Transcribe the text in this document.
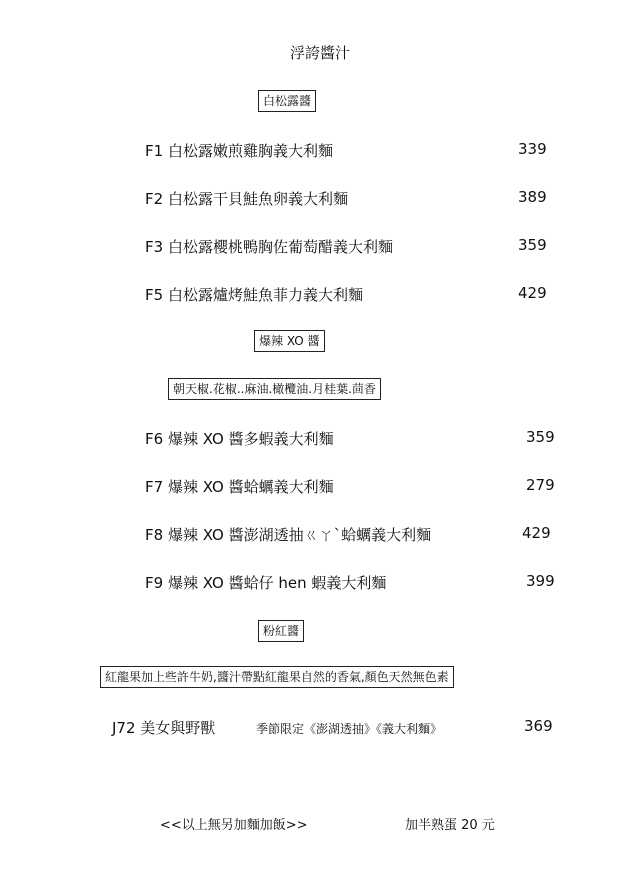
浮誇醬汁
白松露醬
F1 白松露嫩煎雞胸義大利麵	339
F2 白松露干貝鮭魚卵義大利麵	389
F3 白松露櫻桃鴨胸佐葡萄醋義大利麵	359
F5 白松露爐烤鮭魚菲力義大利麵	429
爆辣 XO 醬
朝天椒.花椒..麻油.橄欖油.月桂葉.茴香
F6 爆辣 XO 醬多蝦義大利麵	359
F7 爆辣 XO 醬蛤蠣義大利麵	279
F8 爆辣 XO 醬澎湖透抽ㄍㄚˋ蛤蠣義大利麵	429
F9 爆辣 XO 醬蛤仔 hen 蝦義大利麵	399
粉紅醬
紅龍果加上些許牛奶,醬汁帶點紅龍果自然的香氣,顏色天然無色素
J72 美女與野獸	季節限定《澎湖透抽》《義大利麵》	369
<<以上無另加麵加飯>>	加半熟蛋 20 元
